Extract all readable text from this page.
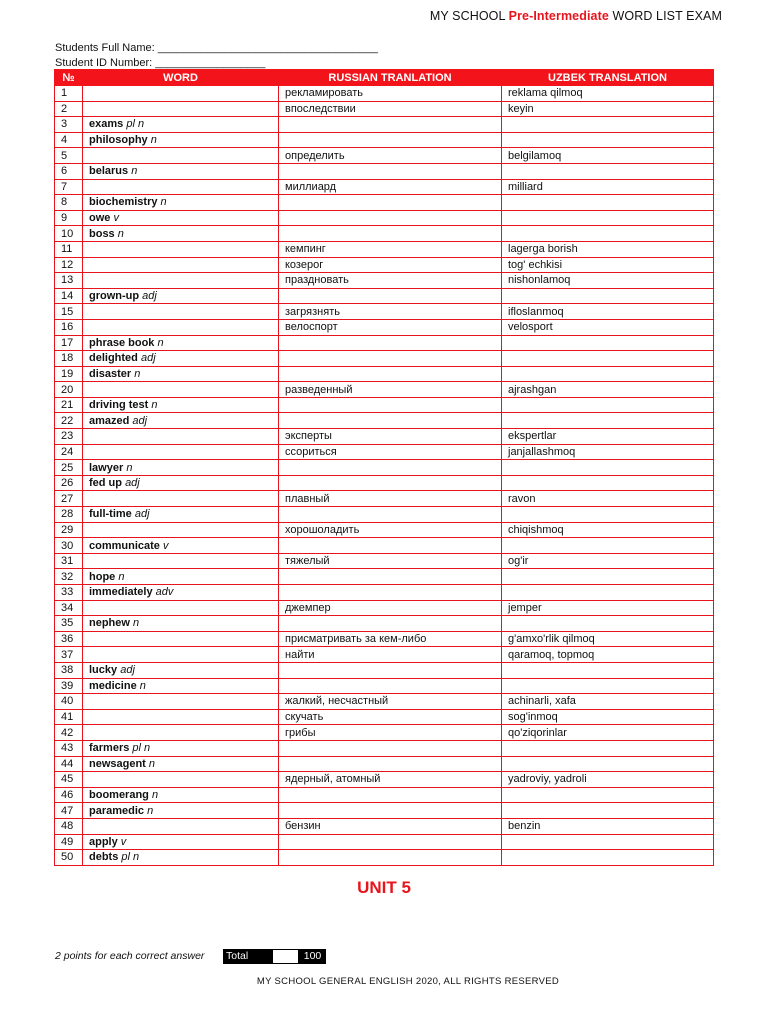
MY SCHOOL Pre-Intermediate WORD LIST EXAM
Students Full Name: ____________________________________
Student ID Number: __________________
№	WORD	RUSSIAN TRANLATION	UZBEK TRANSLATION
1		рекламировать	reklama qilmoq
2		впоследствии	keyin
3	exams pl n		
4	philosophy n		
5		определить	belgilamoq
6	belarus n		
7		миллиард	milliard
8	biochemistry n		
9	owe v		
10	boss n		
11		кемпинг	lagerga borish
12		козерог	tog' echkisi
13		праздновать	nishonlamoq
14	grown-up adj		
15		загрязнять	ifloslanmoq
16		велоспорт	velosport
17	phrase book n		
18	delighted adj		
19	disaster n		
20		разведенный	ajrashgan
21	driving test n		
22	amazed adj		
23		эксперты	ekspertlar
24		ссориться	janjallashmoq
25	lawyer n		
26	fed up adj		
27		плавный	ravon
28	full-time adj		
29		хорошоладить	chiqishmoq
30	communicate v		
31		тяжелый	og'ir
32	hope n		
33	immediately adv		
34		джемпер	jemper
35	nephew n		
36		присматривать за кем-либо	g'amxo'rlik qilmoq
37		найти	qaramoq, topmoq
38	lucky adj		
39	medicine n		
40		жалкий, несчастный	achinarli, xafa
41		скучать	sog'inmoq
42		грибы	qo'ziqorinlar
43	farmers pl n		
44	newsagent n		
45		ядерный, атомный	yadroviy, yadroli
46	boomerang n		
47	paramedic n		
48		бензин	benzin
49	apply v		
50	debts pl n		
UNIT 5
2 points for each correct answer Total	100
MY SCHOOL GENERAL ENGLISH 2020, ALL RIGHTS RESERVED
